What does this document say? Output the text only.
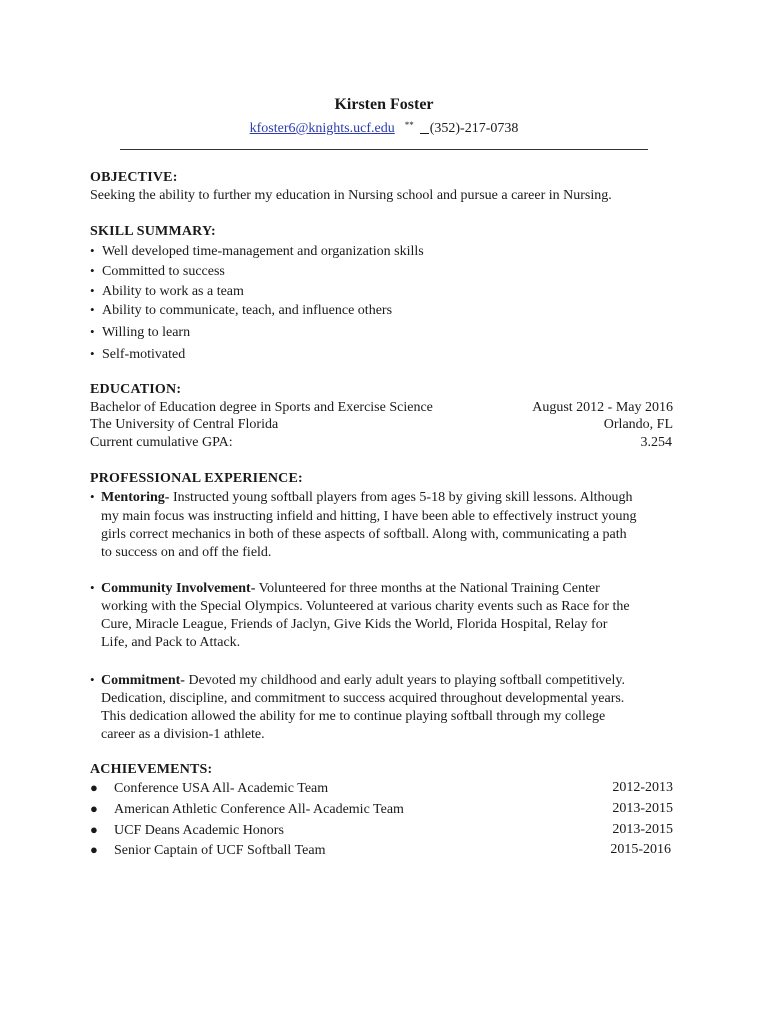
Kirsten Foster
kfoster6@knights.ucf.edu ** (352)-217-0738
OBJECTIVE:
Seeking the ability to further my education in Nursing school and pursue a career in Nursing.
SKILL SUMMARY:
• Well developed time-management and organization skills
• Committed to success
• Ability to work as a team
• Ability to communicate, teach, and influence others
• Willing to learn
• Self-motivated
EDUCATION:
Bachelor of Education degree in Sports and Exercise Science	August 2012 - May 2016
The University of Central Florida	Orlando, FL
Current cumulative GPA:	3.254
PROFESSIONAL EXPERIENCE:
• Mentoring- Instructed young softball players from ages 5-18 by giving skill lessons. Although
my main focus was instructing infield and hitting, I have been able to effectively instruct young
girls correct mechanics in both of these aspects of softball. Along with, communicating a path
to success on and off the field.
• Community Involvement- Volunteered for three months at the National Training Center
working with the Special Olympics. Volunteered at various charity events such as Race for the
Cure, Miracle League, Friends of Jaclyn, Give Kids the World, Florida Hospital, Relay for
Life, and Pack to Attack.
• Commitment- Devoted my childhood and early adult years to playing softball competitively.
Dedication, discipline, and commitment to success acquired throughout developmental years.
This dedication allowed the ability for me to continue playing softball through my college
career as a division-1 athlete.
ACHIEVEMENTS:
● Conference USA All- Academic Team	2012-2013
● American Athletic Conference All- Academic Team	2013-2015
● UCF Deans Academic Honors	2013-2015
● Senior Captain of UCF Softball Team	2015-2016
